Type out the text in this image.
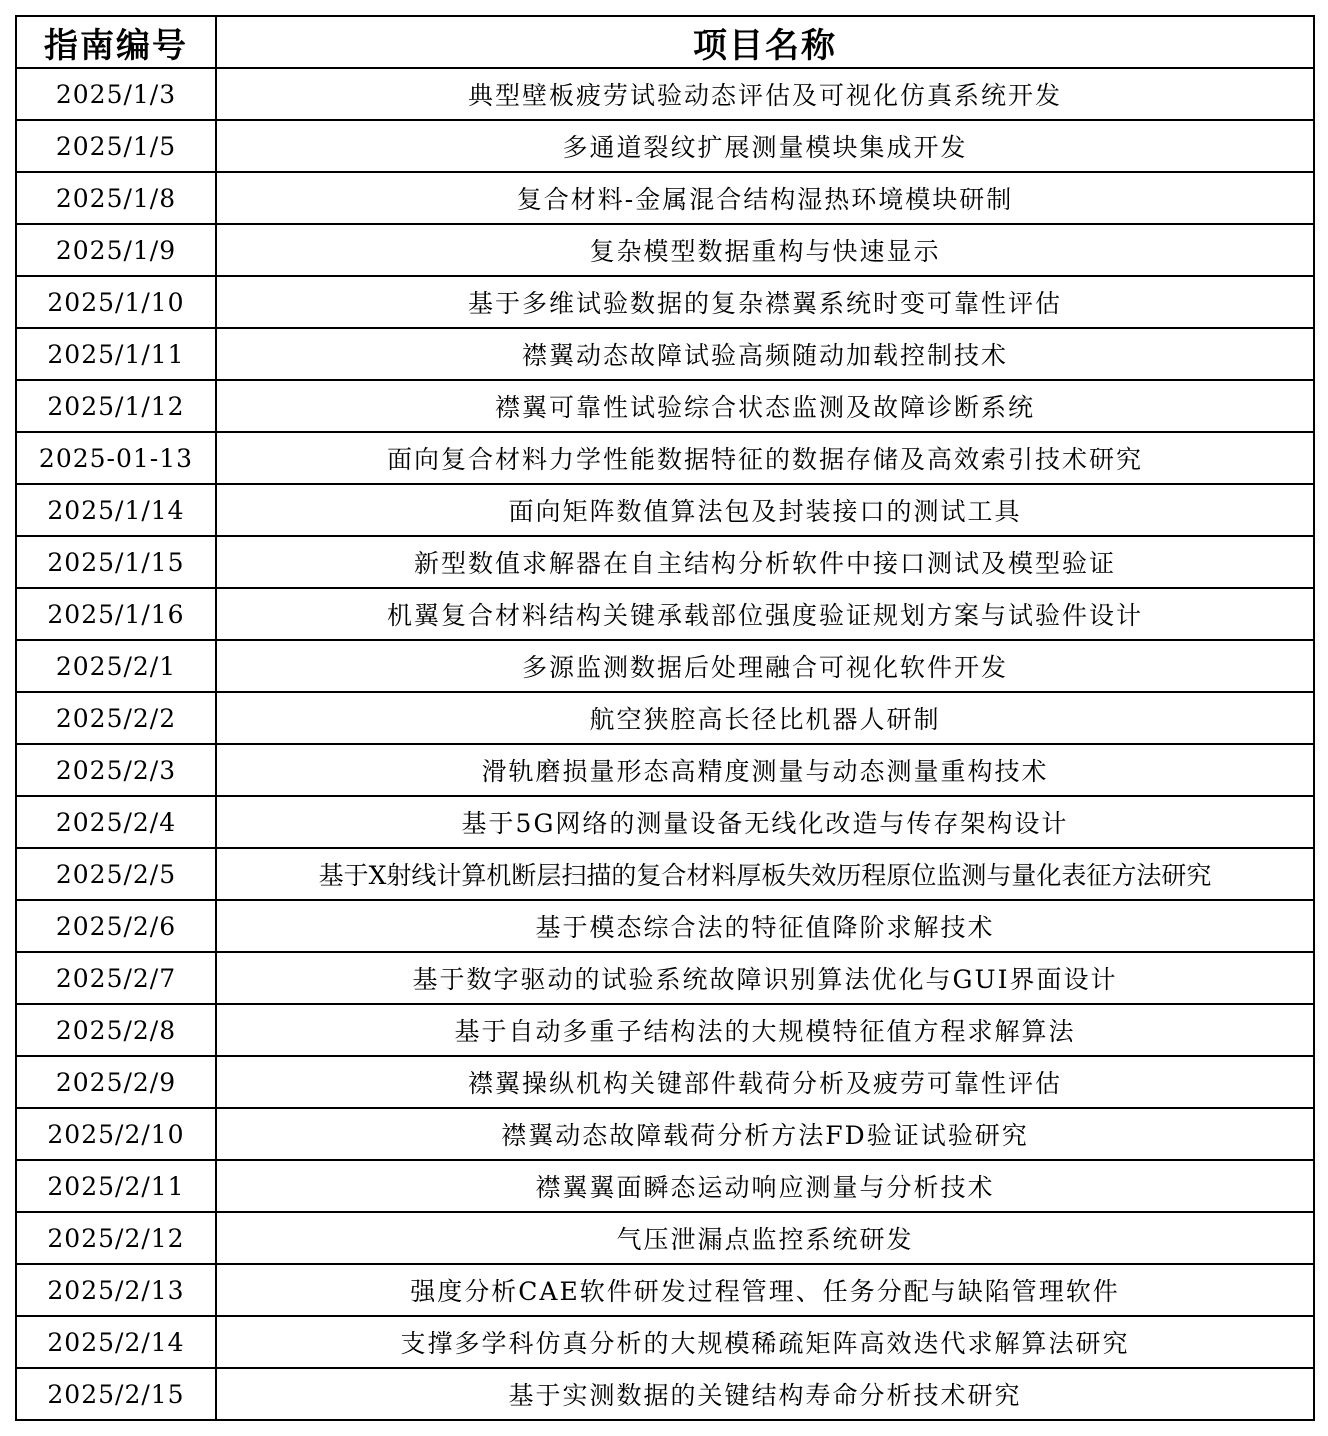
指南编号	项目名称
2025/1/3	典型壁板疲劳试验动态评估及可视化仿真系统开发
2025/1/5	多通道裂纹扩展测量模块集成开发
2025/1/8	复合材料-金属混合结构湿热环境模块研制
2025/1/9	复杂模型数据重构与快速显示
2025/1/10	基于多维试验数据的复杂襟翼系统时变可靠性评估
2025/1/11	襟翼动态故障试验高频随动加载控制技术
2025/1/12	襟翼可靠性试验综合状态监测及故障诊断系统
2025-01-13	面向复合材料力学性能数据特征的数据存储及高效索引技术研究
2025/1/14	面向矩阵数值算法包及封装接口的测试工具
2025/1/15	新型数值求解器在自主结构分析软件中接口测试及模型验证
2025/1/16	机翼复合材料结构关键承载部位强度验证规划方案与试验件设计
2025/2/1	多源监测数据后处理融合可视化软件开发
2025/2/2	航空狭腔高长径比机器人研制
2025/2/3	滑轨磨损量形态高精度测量与动态测量重构技术
2025/2/4	基于5G网络的测量设备无线化改造与传存架构设计
2025/2/5	基于X射线计算机断层扫描的复合材料厚板失效历程原位监测与量化表征方法研究
2025/2/6	基于模态综合法的特征值降阶求解技术
2025/2/7	基于数字驱动的试验系统故障识别算法优化与GUI界面设计
2025/2/8	基于自动多重子结构法的大规模特征值方程求解算法
2025/2/9	襟翼操纵机构关键部件载荷分析及疲劳可靠性评估
2025/2/10	襟翼动态故障载荷分析方法FD验证试验研究
2025/2/11	襟翼翼面瞬态运动响应测量与分析技术
2025/2/12	气压泄漏点监控系统研发
2025/2/13	强度分析CAE软件研发过程管理、任务分配与缺陷管理软件
2025/2/14	支撑多学科仿真分析的大规模稀疏矩阵高效迭代求解算法研究
2025/2/15	基于实测数据的关键结构寿命分析技术研究
